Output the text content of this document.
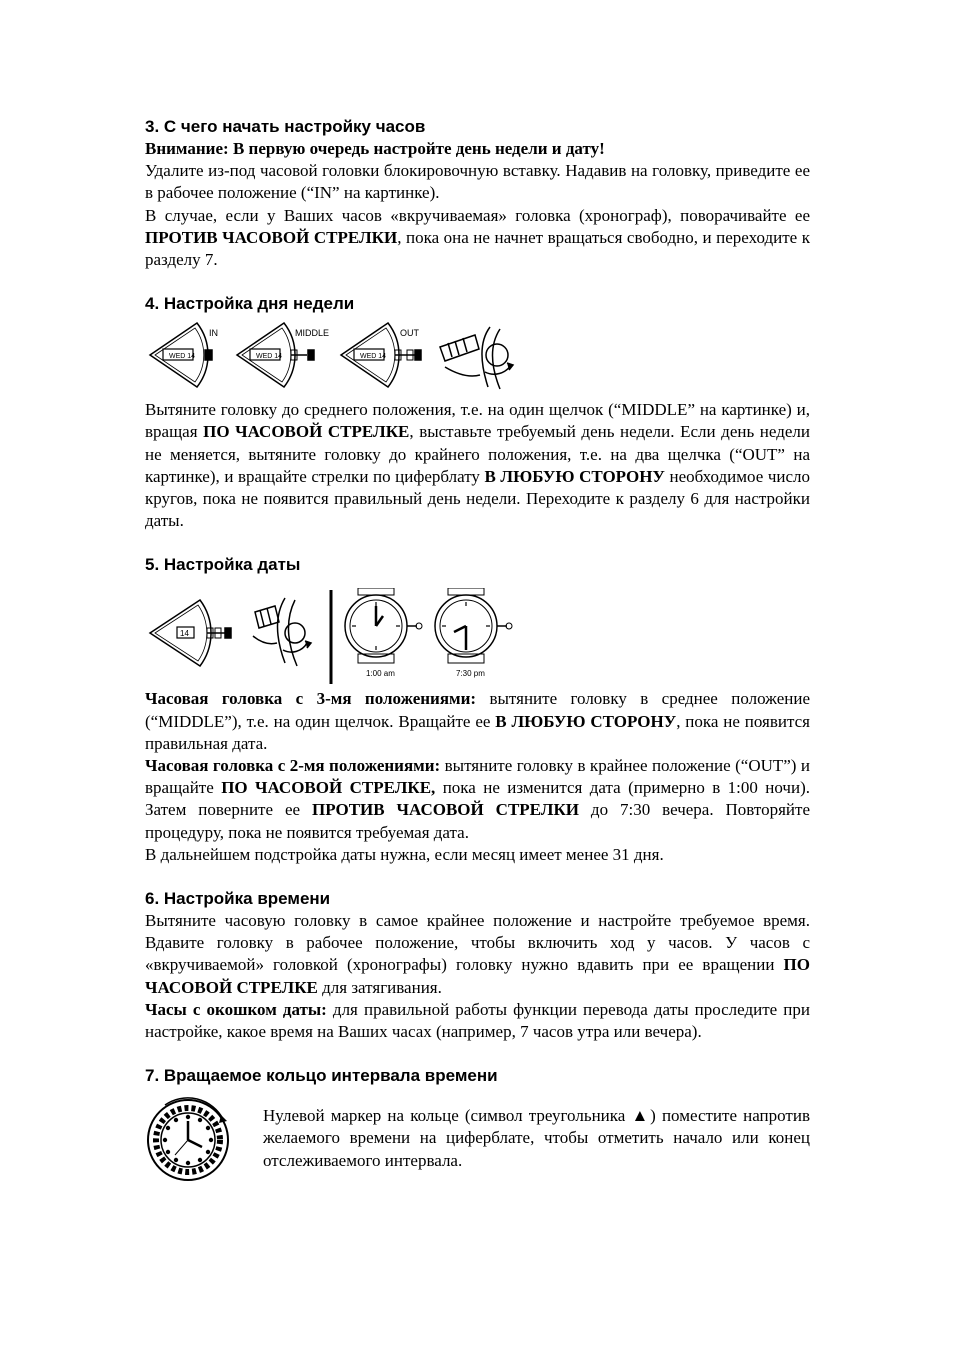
3. С чего начать настройку часов

Внимание: В первую очередь настройте день недели и дату!

Удалите из-под часовой головки блокировочную вставку. Надавив на головку, приведите ее в рабочее положение (“IN” на картинке).

В случае, если у Ваших часов «вкручиваемая» головка (хронограф), поворачивайте ее ПРОТИВ ЧАСОВОЙ СТРЕЛКИ, пока она не начнет вращаться свободно, и переходите к разделу 7.

4. Настройка дня недели
WED 14	WED 14	WED 14
IN	MIDDLE	OUT

Вытяните головку до среднего положения, т.е. на один щелчок (“MIDDLE” на картинке) и, вращая ПО ЧАСОВОЙ СТРЕЛКЕ, выставьте требуемый день недели. Если день недели не меняется, вытяните головку до крайнего положения, т.е. на два щелчка (“OUT” на картинке), и вращайте стрелки по циферблату В ЛЮБУЮ СТОРОНУ необходимое число кругов, пока не появится правильный день недели. Переходите к разделу 6 для настройки даты.

5. Настройка даты
14
1:00 am	7:30 pm

Часовая головка с 3-мя положениями: вытяните головку в среднее положение (“MIDDLE”), т.е. на один щелчок. Вращайте ее В ЛЮБУЮ СТОРОНУ, пока не появится правильная дата.

Часовая головка с 2-мя положениями: вытяните головку в крайнее положение (“OUT”) и вращайте ПО ЧАСОВОЙ СТРЕЛКЕ, пока не изменится дата (примерно в 1:00 ночи). Затем поверните ее ПРОТИВ ЧАСОВОЙ СТРЕЛКИ до 7:30 вечера. Повторяйте процедуру, пока не появится требуемая дата.

В дальнейшем подстройка даты нужна, если месяц имеет менее 31 дня.

6. Настройка времени

Вытяните часовую головку в самое крайнее положение и настройте требуемое время. Вдавите головку в рабочее положение, чтобы включить ход у часов. У часов с «вкручиваемой» головкой (хронографы) головку нужно вдавить при ее вращении ПО ЧАСОВОЙ СТРЕЛКЕ для затягивания.

Часы с окошком даты: для правильной работы функции перевода даты проследите при настройке, какое время на Ваших часах (например, 7 часов утра или вечера).

7. Вращаемое кольцо интервала времени

Нулевой маркер на кольце (символ треугольника ▲) поместите напротив желаемого времени на циферблате, чтобы отметить начало или конец отслеживаемого интервала.
